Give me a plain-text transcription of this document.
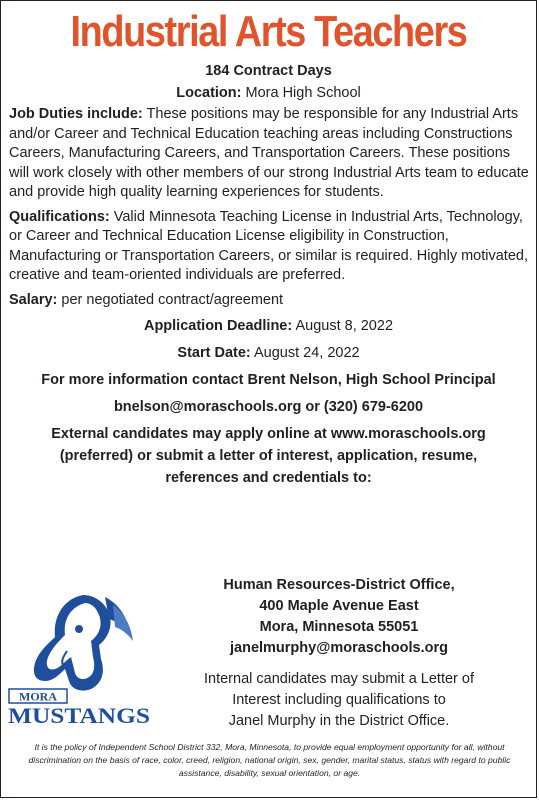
Industrial Arts Teachers

184 Contract Days

Location: Mora High School

Job Duties include: These positions may be responsible for any Industrial Arts and/or Career and Technical Education teaching areas including Constructions Careers, Manufacturing Careers, and Transportation Careers. These positions will work closely with other members of our strong Industrial Arts team to educate and provide high quality learning experiences for students.

Qualifications: Valid Minnesota Teaching License in Industrial Arts, Technology, or Career and Technical Education License eligibility in Construction, Manufacturing or Transportation Careers, or similar is required. Highly motivated, creative and team-oriented individuals are preferred.

Salary: per negotiated contract/agreement

Application Deadline: August 8, 2022

Start Date: August 24, 2022

For more information contact Brent Nelson, High School Principal

bnelson@moraschools.org or (320) 679-6200

External candidates may apply online at www.moraschools.org (preferred) or submit a letter of interest, application, resume, references and credentials to:

Human Resources-District Office,
400 Maple Avenue East
Mora, Minnesota 55051
janelmurphy@moraschools.org
Internal candidates may submit a Letter of
Interest including qualifications to
Janel Murphy in the District Office.
MORA
MUSTANGS
It is the policy of Independent School District 332, Mora, Minnesota, to provide equal employment opportunity for all, without discrimination on the basis of race, color, creed, religion, national origin, sex, gender, marital status, status with regard to public assistance, disability, sexual orientation, or age.
